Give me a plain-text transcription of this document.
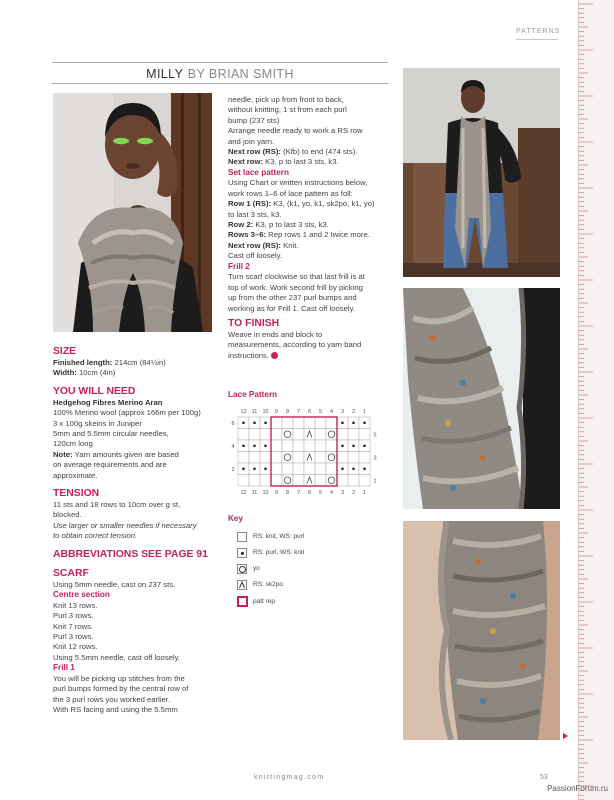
PATTERNS
MILLY BY BRIAN SMITH
SIZE
Finished length: 214cm (84¼in)
Width: 10cm (4in)
YOU WILL NEED
Hedgehog Fibres Merino Aran
100% Merino wool (approx 166m per 100g)
3 x 100g skeins in Juniper
5mm and 5.5mm circular needles,
120cm long
Note: Yarn amounts given are based
on average requirements and are
approximate.
TENSION
11 sts and 18 rows to 10cm over g st,
blocked.
Use larger or smaller needles if necessary
to obtain correct tension.
ABBREVIATIONS SEE PAGE 91
SCARF
Using 5mm needle, cast on 237 sts.
Centre section
Knit 13 rows.
Purl 3 rows.
Knit 7 rows.
Purl 3 rows.
Knit 12 rows.
Using 5.5mm needle, cast off loosely.
Frill 1
You will be picking up stitches from the
purl bumps formed by the central row of
the 3 purl rows you worked earlier.
With RS facing and using the 5.5mm
needle, pick up from front to back,
without knitting, 1 st from each purl
bump (237 sts)
Arrange needle ready to work a RS row
and join yarn.
Next row (RS): (Kfb) to end (474 sts).
Next row: K3, p to last 3 sts, k3.
Set lace pattern
Using Chart or written instructions below,
work rows 1–6 of lace pattern as foll:
Row 1 (RS): K3, (k1, yo, k1, sk2po, k1, yo)
to last 3 sts, k3.
Row 2: K3, p to last 3 sts, k3.
Rows 3–6: Rep rows 1 and 2 twice more.
Next row (RS): Knit.
Cast off loosely.
Frill 2
Turn scarf clockwise so that last frill is at
top of work. Work second frill by picking
up from the other 237 purl bumps and
working as for Frill 1. Cast off loosely.
TO FINISH
Weave in ends and block to
measurements, according to yarn band
instructions.
Lace Pattern
12 11 10 9 8 7 6 5 4 3 2 1
12 11 10 9 8 7 6 5 4 3 2 1
6
4
2
5
3
1
Key
RS: knit, WS: purl
RS: purl, WS: knit
yo
RS: sk2po
patt rep
knittingmag.com	53
PassionForum.ru
